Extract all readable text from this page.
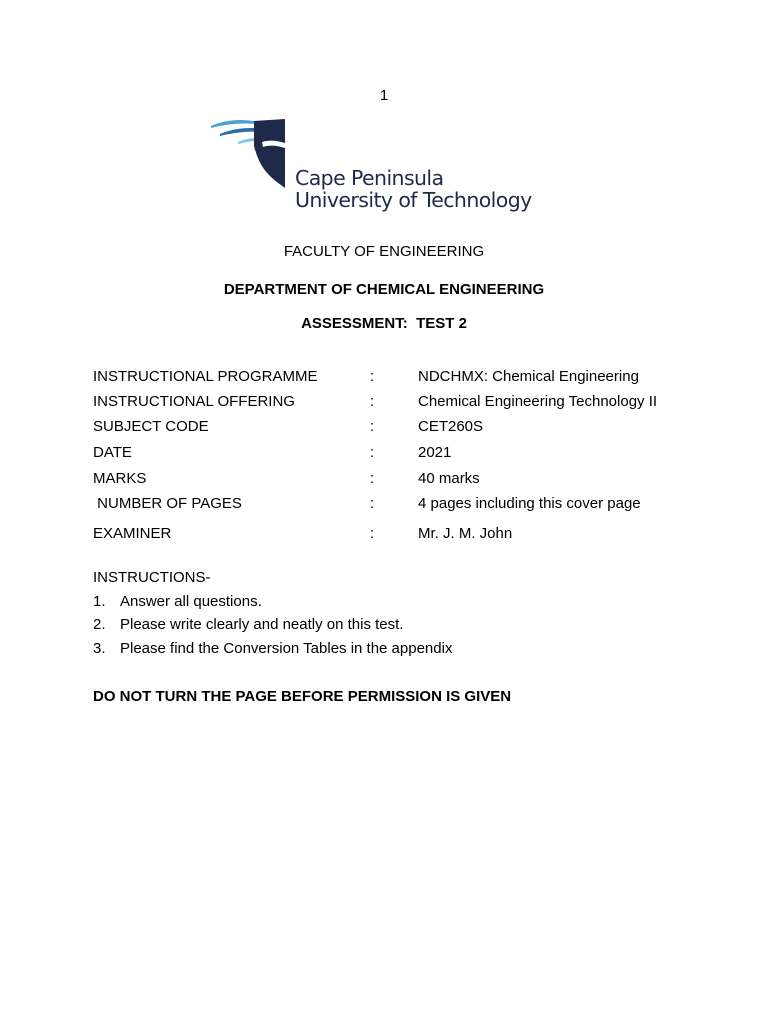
1
Cape Peninsula
University of Technology
FACULTY OF ENGINEERING
DEPARTMENT OF CHEMICAL ENGINEERING
ASSESSMENT:  TEST 2
INSTRUCTIONAL PROGRAMME	:	NDCHMX: Chemical Engineering
INSTRUCTIONAL OFFERING	:	Chemical Engineering Technology II
SUBJECT CODE	:	CET260S
DATE	:	2021
MARKS	:	40 marks
NUMBER OF PAGES	:	4 pages including this cover page
EXAMINER	:	Mr. J. M. John
INSTRUCTIONS-
1. Answer all questions.
2. Please write clearly and neatly on this test.
3. Please find the Conversion Tables in the appendix
DO NOT TURN THE PAGE BEFORE PERMISSION IS GIVEN
